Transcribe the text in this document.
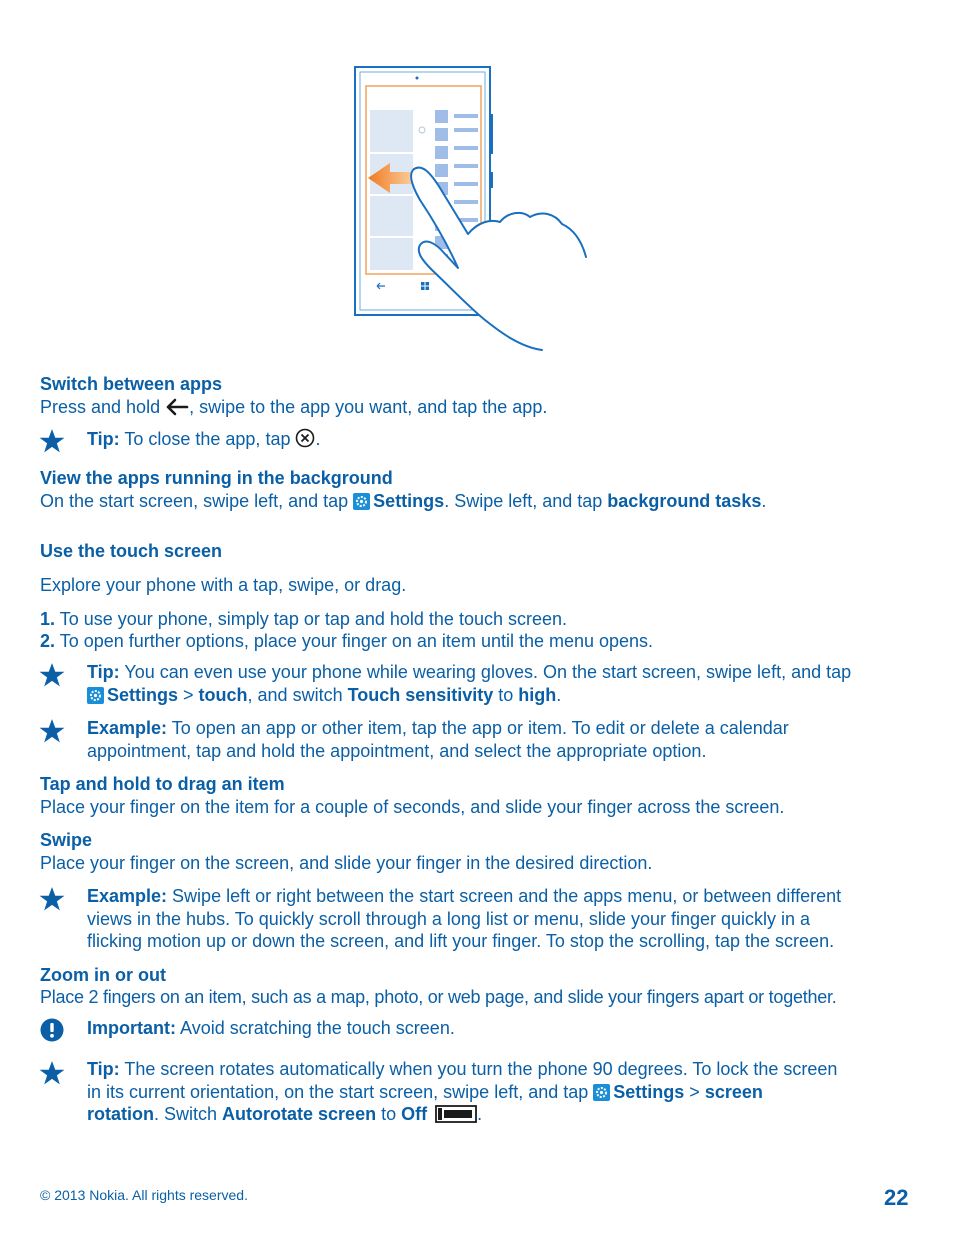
Switch between apps
Press and hold , swipe to the app you want, and tap the app.
Tip: To close the app, tap .
View the apps running in the background
On the start screen, swipe left, and tap
Settings. Swipe left, and tap background tasks.
Use the touch screen
Explore your phone with a tap, swipe, or drag.
1. To use your phone, simply tap or tap and hold the touch screen.
2. To open further options, place your finger on an item until the menu opens.
Tip: You can even use your phone while wearing gloves. On the start screen, swipe left, and tap
Settings > touch, and switch Touch sensitivity to high.
Example: To open an app or other item, tap the app or item. To edit or delete a calendar
appointment, tap and hold the appointment, and select the appropriate option.
Tap and hold to drag an item
Place your finger on the item for a couple of seconds, and slide your finger across the screen.
Swipe
Place your finger on the screen, and slide your finger in the desired direction.
Example: Swipe left or right between the start screen and the apps menu, or between different
views in the hubs. To quickly scroll through a long list or menu, slide your finger quickly in a
flicking motion up or down the screen, and lift your finger. To stop the scrolling, tap the screen.
Zoom in or out
Place 2 fingers on an item, such as a map, photo, or web page, and slide your fingers apart or together.
Important: Avoid scratching the touch screen.
Tip: The screen rotates automatically when you turn the phone 90 degrees. To lock the screen
in its current orientation, on the start screen, swipe left, and tap
Settings > screen
rotation. Switch Autorotate screen to Off	.
© 2013 Nokia. All rights reserved.	22
